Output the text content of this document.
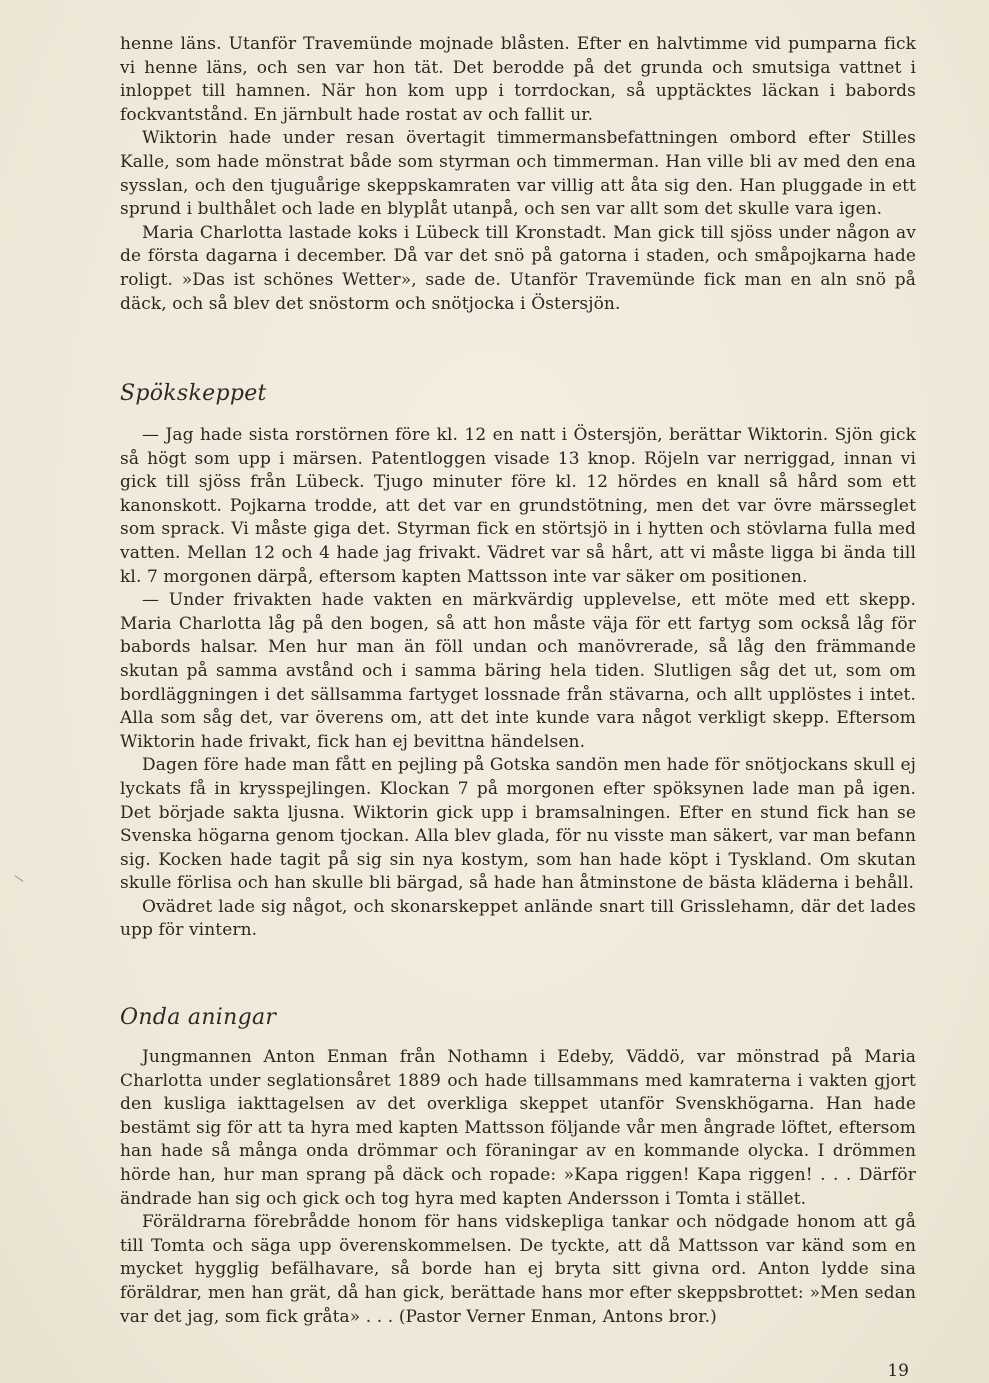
henne läns. Utanför Travemünde mojnade blåsten. Efter en halvtimme vid pumparna fick vi henne läns, och sen var hon tät. Det berodde på det grunda och smutsiga vattnet i inloppet till hamnen. När hon kom upp i torrdockan, så upptäcktes läckan i babords fockvantstånd. En järnbult hade rostat av och fallit ur.

Wiktorin hade under resan övertagit timmermansbefattningen ombord efter Stilles Kalle, som hade mönstrat både som styrman och timmerman. Han ville bli av med den ena sysslan, och den tjuguårige skeppskamraten var villig att åta sig den. Han pluggade in ett sprund i bulthålet och lade en blyplåt utanpå, och sen var allt som det skulle vara igen.

Maria Charlotta lastade koks i Lübeck till Kronstadt. Man gick till sjöss under någon av de första dagarna i december. Då var det snö på gatorna i staden, och småpojkarna hade roligt. »Das ist schönes Wetter», sade de. Utanför Travemünde fick man en aln snö på däck, och så blev det snöstorm och snötjocka i Östersjön.

Spökskeppet

— Jag hade sista rorstörnen före kl. 12 en natt i Östersjön, berättar Wiktorin. Sjön gick så högt som upp i märsen. Patentloggen visade 13 knop. Röjeln var nerriggad, innan vi gick till sjöss från Lübeck. Tjugo minuter före kl. 12 hördes en knall så hård som ett kanonskott. Pojkarna trodde, att det var en grundstötning, men det var övre märsseglet som sprack. Vi måste giga det. Styrman fick en störtsjö in i hytten och stövlarna fulla med vatten. Mellan 12 och 4 hade jag frivakt. Vädret var så hårt, att vi måste ligga bi ända till kl. 7 morgonen därpå, eftersom kapten Mattsson inte var säker om positionen.

— Under frivakten hade vakten en märkvärdig upplevelse, ett möte med ett skepp. Maria Charlotta låg på den bogen, så att hon måste väja för ett fartyg som också låg för babords halsar. Men hur man än föll undan och manövrerade, så låg den främmande skutan på samma avstånd och i samma bäring hela tiden. Slutligen såg det ut, som om bordläggningen i det sällsamma fartyget lossnade från stävarna, och allt upplöstes i intet. Alla som såg det, var överens om, att det inte kunde vara något verkligt skepp. Eftersom Wiktorin hade frivakt, fick han ej bevittna händelsen.

Dagen före hade man fått en pejling på Gotska sandön men hade för snötjockans skull ej lyckats få in krysspejlingen. Klockan 7 på morgonen efter spöksynen lade man på igen. Det började sakta ljusna. Wiktorin gick upp i bramsalningen. Efter en stund fick han se Svenska högarna genom tjockan. Alla blev glada, för nu visste man säkert, var man befann sig. Kocken hade tagit på sig sin nya kostym, som han hade köpt i Tyskland. Om skutan skulle förlisa och han skulle bli bärgad, så hade han åtminstone de bästa kläderna i behåll.

Ovädret lade sig något, och skonarskeppet anlände snart till Grisslehamn, där det lades upp för vintern.

Onda aningar

Jungmannen Anton Enman från Nothamn i Edeby, Väddö, var mönstrad på Maria Charlotta under seglationsåret 1889 och hade tillsammans med kamraterna i vakten gjort den kusliga iakttagelsen av det overkliga skeppet utanför Svenskhögarna. Han hade bestämt sig för att ta hyra med kapten Mattsson följande vår men ångrade löftet, eftersom han hade så många onda drömmar och föraningar av en kommande olycka. I drömmen hörde han, hur man sprang på däck och ropade: »Kapa riggen! Kapa riggen! . . . Därför ändrade han sig och gick och tog hyra med kapten Andersson i Tomta i stället.

Föräldrarna förebrådde honom för hans vidskepliga tankar och nödgade honom att gå till Tomta och säga upp överenskommelsen. De tyckte, att då Mattsson var känd som en mycket hygglig befälhavare, så borde han ej bryta sitt givna ord. Anton lydde sina föräldrar, men han grät, då han gick, berättade hans mor efter skeppsbrottet: »Men sedan var det jag, som fick gråta» . . . (Pastor Verner Enman, Antons bror.)

19
